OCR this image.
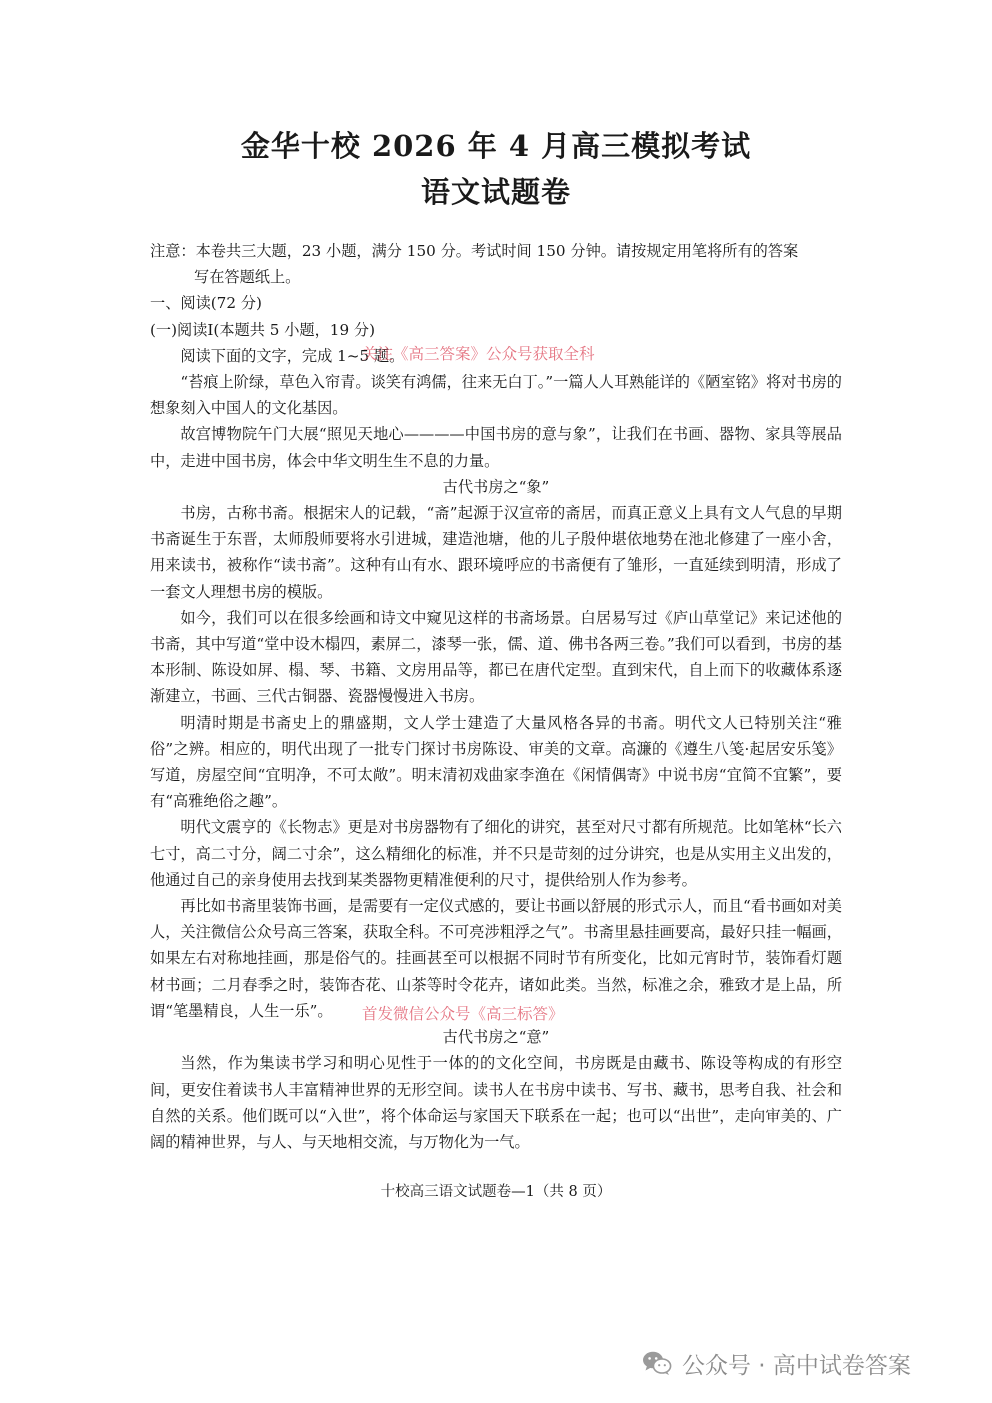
金华十校 2026 年 4 月高三模拟考试
语文试题卷
注意：本卷共三大题，23 小题，满分 150 分。考试时间 150 分钟。请按规定用笔将所有的答案
写在答题纸上。
一、阅读(72 分)
(一)阅读Ⅰ(本题共 5 小题，19 分)

阅读下面的文字，完成 1~5 题。

“苔痕上阶绿，草色入帘青。谈笑有鸿儒，往来无白丁。”一篇人人耳熟能详的《陋室铭》将对书房的想象刻入中国人的文化基因。

故宫博物院午门大展“照见天地心————中国书房的意与象”，让我们在书画、器物、家具等展品中，走进中国书房，体会中华文明生生不息的力量。

古代书房之“象”

书房，古称书斋。根据宋人的记载，“斋”起源于汉宣帝的斋居，而真正意义上具有文人气息的早期书斋诞生于东晋，太师殷师要将水引进城，建造池塘，他的儿子殷仲堪依地势在池北修建了一座小舍，用来读书，被称作“读书斋”。这种有山有水、跟环境呼应的书斋便有了雏形，一直延续到明清，形成了一套文人理想书房的模版。

如今，我们可以在很多绘画和诗文中窥见这样的书斋场景。白居易写过《庐山草堂记》来记述他的书斋，其中写道“堂中设木榻四，素屏二，漆琴一张，儒、道、佛书各两三卷。”我们可以看到，书房的基本形制、陈设如屏、榻、琴、书籍、文房用品等，都已在唐代定型。直到宋代，自上而下的收藏体系逐渐建立，书画、三代古铜器、瓷器慢慢进入书房。

明清时期是书斋史上的鼎盛期，文人学士建造了大量风格各异的书斋。明代文人已特别关注“雅俗”之辨。相应的，明代出现了一批专门探讨书房陈设、审美的文章。高濂的《遵生八笺·起居安乐笺》写道，房屋空间“宜明净，不可太敞”。明末清初戏曲家李渔在《闲情偶寄》中说书房“宜简不宜繁”，要有“高雅绝俗之趣”。

明代文震亨的《长物志》更是对书房器物有了细化的讲究，甚至对尺寸都有所规范。比如笔林“长六七寸，高二寸分，阔二寸余”，这么精细化的标准，并不只是苛刻的过分讲究，也是从实用主义出发的，他通过自己的亲身使用去找到某类器物更精准便利的尺寸，提供给别人作为参考。

再比如书斋里装饰书画，是需要有一定仪式感的，要让书画以舒展的形式示人，而且“看书画如对美人，关注微信公众号高三答案，获取全科。不可亮涉粗浮之气”。书斋里悬挂画要高，最好只挂一幅画，如果左右对称地挂画，那是俗气的。挂画甚至可以根据不同时节有所变化，比如元宵时节，装饰看灯题材书画；二月春季之时，装饰杏花、山茶等时令花卉，诸如此类。当然，标准之余，雅致才是上品，所谓“笔墨精良，人生一乐”。

古代书房之“意”

当然，作为集读书学习和明心见性于一体的的文化空间，书房既是由藏书、陈设等构成的有形空间，更安住着读书人丰富精神世界的无形空间。读书人在书房中读书、写书、藏书，思考自我、社会和自然的关系。他们既可以“入世”，将个体命运与家国天下联系在一起；也可以“出世”，走向审美的、广阔的精神世界，与人、与天地相交流，与万物化为一气。

关注《高三答案》公众号获取全科
首发微信公众号《高三标答》
十校高三语文试题卷—1（共 8 页）
公众号 · 高中试卷答案
